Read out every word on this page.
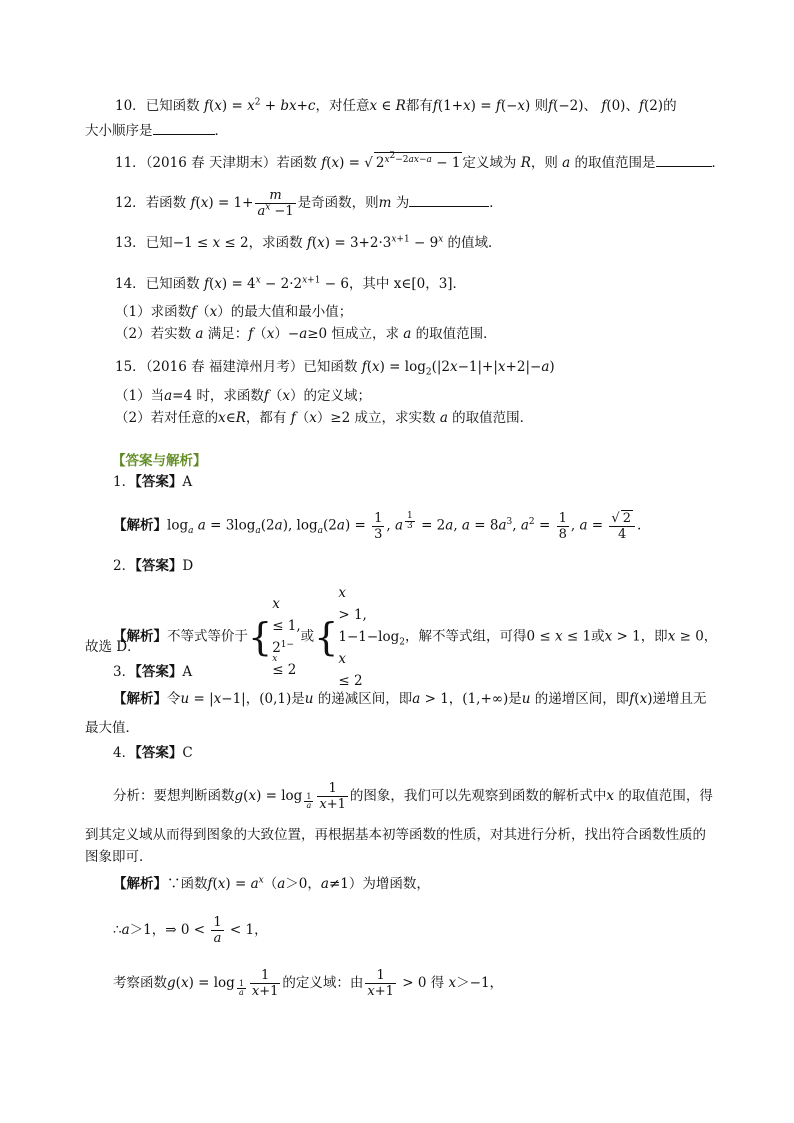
10．已知函数 $f(x) = x^2 + bx+c$，对任意x ∈ R都有f(1+x) = f(−x) 则f(−2)、 f(0)、f(2)的
大小顺序是	．
11．（2016 春 天津期末）若函数 f(x) = √ $2^{x^2-2ax-a} - 1$ 定义域为 R，则 a 的取值范围是	．
12．若函数 $f(x) = 1+ \frac{m}{a^x -1}$ 是奇函数，则m 为	．
13．已知−1 ≤ x ≤ 2，求函数 $f(x) = 3+2\cdot 3^{x+1} - 9^x$ 的值域．
14．已知函数 $f(x) = 4^x - 2\cdot 2^{x+1} - 6$，其中 x∈[0，3]．
（1）求函数f（x）的最大值和最小值；
（2）若实数 a 满足：f（x）−a≥0 恒成立，求 a 的取值范围．
15．（2016 春 福建漳州月考）已知函数 $f(x) = \log_2(|2x-1|+|x+2|-a)$
（1）当a=4 时，求函数f（x）的定义域；
（2）若对任意的x∈R，都有 f（x）≥2 成立，求实数 a 的取值范围．
【答案与解析】
1．【答案】A
【解析】$\log_a a = 3\log_a(2a)$, $\log_a(2a) = \frac{1}{3}$ , a $^{\frac{1}{3}}$ = 2a, $a = 8a^3$, $a^2 = \frac{1}{8}$ , $a = \frac{√ 2}{4}$ .
2．【答案】D
【解析】不等式等价于{
x
≤ 1,
$2^{1- x}$
≤ 2
或{
x
> 1,
$1-1-\log_2$
x
≤ 2
，解不等式组，可得0 ≤ x ≤ 1或x > 1，即x ≥ 0，
故选 D．
3．【答案】A
【解析】令u = |x−1|，(0,1)是u 的递减区间，即a > 1，(1,+∞)是u 的递增区间，即f(x)递增且无
最大值．
4．【答案】C
分析：要想判断函数$g(x) = \log _{\frac{1}{a}} \frac{1}{x+1}$ 的图象，我们可以先观察到函数的解析式中x 的取值范围，得
到其定义域从而得到图象的大致位置，再根据基本初等函数的性质，对其进行分析，找出符合函数性质的
图象即可．
【解析】∵函数$f(x) = a^x(a>0$，a≠1）为增函数，
∴a＞1，⇒ $0 < \frac{1}{a} < 1$，
考察函数$g(x) = \log _{\frac{1}{a}} \frac{1}{x+1}$ 的定义域：由 $\frac{1}{x+1} > 0$ 得 x＞−1，
